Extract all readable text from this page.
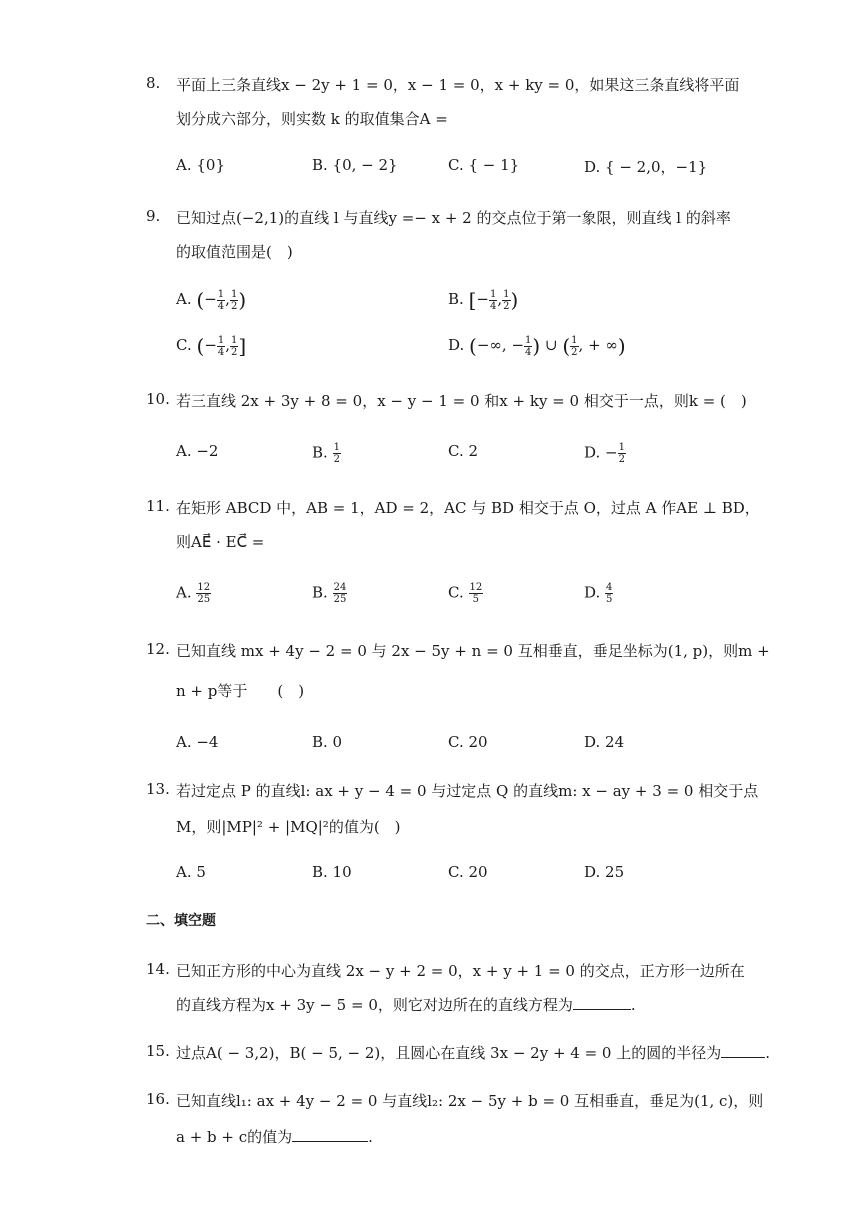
8.	平面上三条直线x − 2y + 1 = 0，x − 1 = 0，x + ky = 0，如果这三条直线将平面
划分成六部分，则实数 k 的取值集合A =
A. {0}	B. {0, − 2}	C. { − 1}	D. { − 2,0，−1}
9.	已知过点(−2,1)的直线 l 与直线y =− x + 2 的交点位于第一象限，则直线 l 的斜率
的取值范围是(　)
A. (− $\frac{1}{4}$ , $\frac{1}{2}$ )	B. [− $\frac{1}{4}$ , $\frac{1}{2}$ )
C. (− $\frac{1}{4}$ , $\frac{1}{2}$ ]	D. (−∞, − $\frac{1}{4}$ ) ∪ ( $\frac{1}{2}$ , + ∞)
10. 若三直线 2x + 3y + 8 = 0，x − y − 1 = 0 和x + ky = 0 相交于一点，则k = (　)
A. −2	B. $\frac{1}{2}$	C. 2	D. − $\frac{1}{2}$
11. 在矩形 ABCD 中，AB = 1，AD = 2，AC 与 BD 相交于点 O，过点 A 作AE ⊥ BD，
则AE⃗ · EC⃗ =
A. $\frac{12}{25}$	B. $\frac{24}{25}$	C. $\frac{12}{5}$	D. $\frac{4}{5}$
12. 已知直线 mx + 4y − 2 = 0 与 2x − 5y + n = 0 互相垂直，垂足坐标为(1, p)，则m +
n + p等于　　(　)
A. −4	B. 0	C. 20	D. 24
13. 若过定点 P 的直线l: ax + y − 4 = 0 与过定点 Q 的直线m: x − ay + 3 = 0 相交于点
M，则|MP|² + |MQ|²的值为(　)
A. 5	B. 10	C. 20	D. 25
二、填空题
14. 已知正方形的中心为直线 2x − y + 2 = 0，x + y + 1 = 0 的交点，正方形一边所在
的直线方程为x + 3y − 5 = 0，则它对边所在的直线方程为	.
15. 过点A( − 3,2)，B( − 5, − 2)，且圆心在直线 3x − 2y + 4 = 0 上的圆的半径为	.
16. 已知直线l₁: ax + 4y − 2 = 0 与直线l₂: 2x − 5y + b = 0 互相垂直，垂足为(1, c)，则
a + b + c的值为	.
